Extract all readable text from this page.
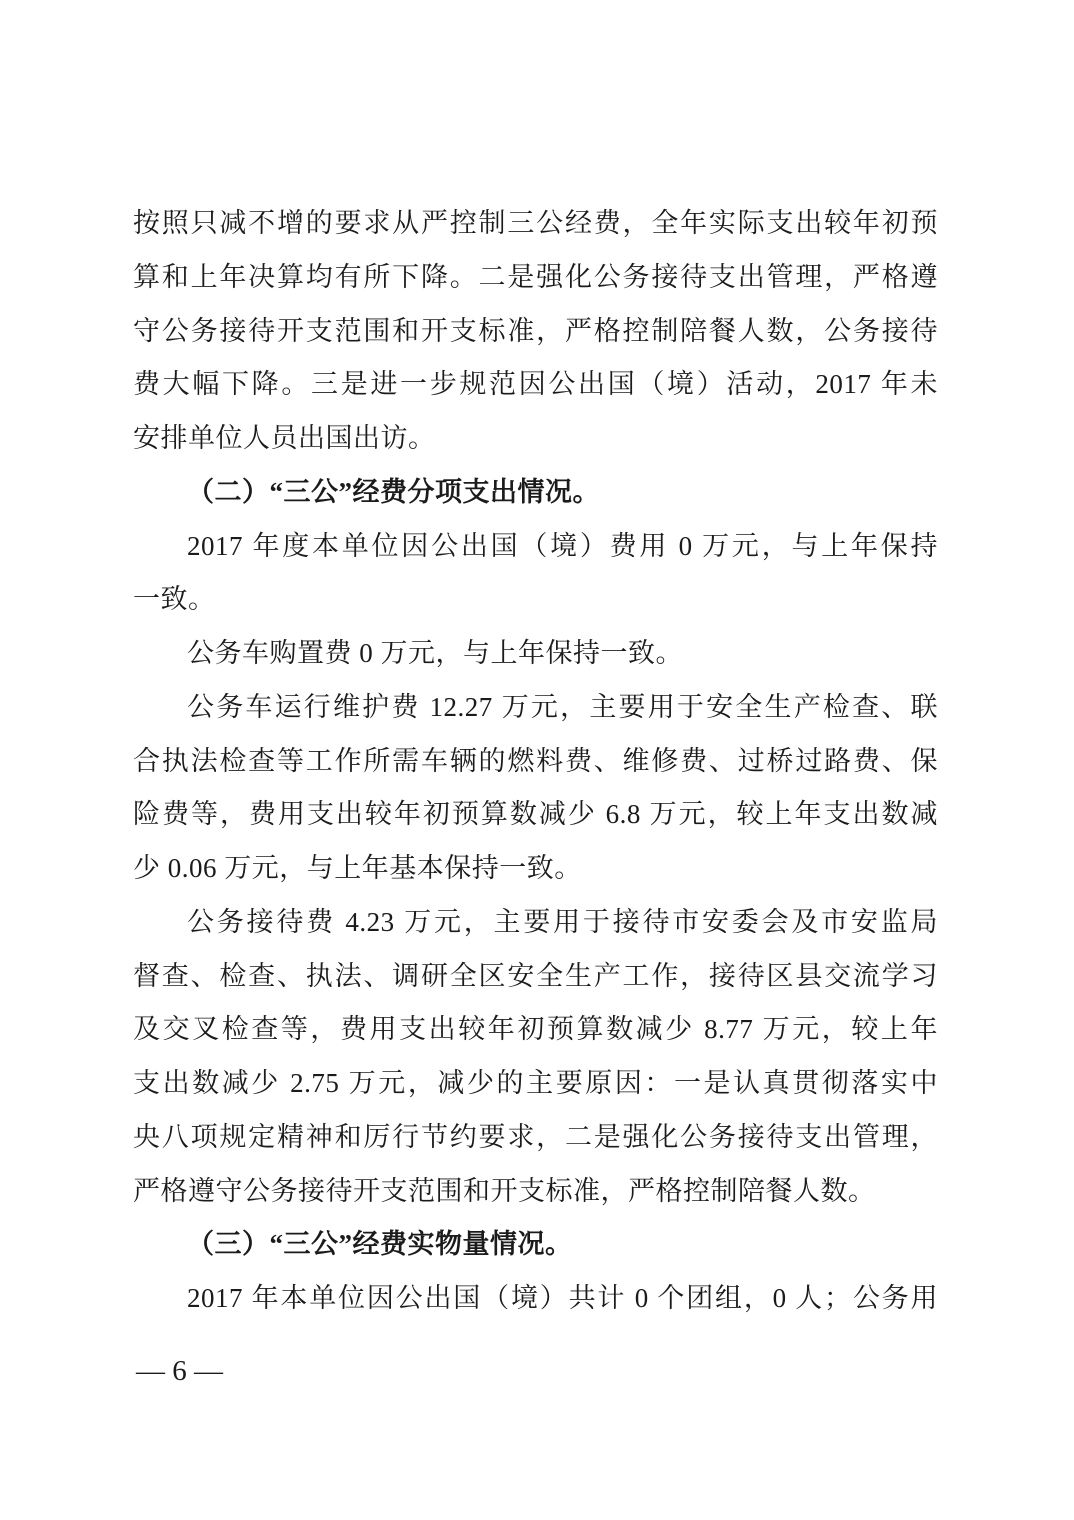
按照只减不增的要求从严控制三公经费，全年实际支出较年初预
算和上年决算均有所下降。二是强化公务接待支出管理，严格遵
守公务接待开支范围和开支标准，严格控制陪餐人数，公务接待
费大幅下降。三是进一步规范因公出国（境）活动，2017 年未
安排单位人员出国出访。
（二）“三公”经费分项支出情况。
2017 年度本单位因公出国（境）费用 0 万元，与上年保持
一致。
公务车购置费 0 万元，与上年保持一致。
公务车运行维护费 12.27 万元，主要用于安全生产检查、联
合执法检查等工作所需车辆的燃料费、维修费、过桥过路费、保
险费等，费用支出较年初预算数减少 6.8 万元，较上年支出数减
少 0.06 万元，与上年基本保持一致。
公务接待费 4.23 万元，主要用于接待市安委会及市安监局
督查、检查、执法、调研全区安全生产工作，接待区县交流学习
及交叉检查等，费用支出较年初预算数减少 8.77 万元，较上年
支出数减少 2.75 万元，减少的主要原因：一是认真贯彻落实中
央八项规定精神和厉行节约要求，二是强化公务接待支出管理，
严格遵守公务接待开支范围和开支标准，严格控制陪餐人数。
（三）“三公”经费实物量情况。
2017 年本单位因公出国（境）共计 0 个团组，0 人；公务用
— 6 —
